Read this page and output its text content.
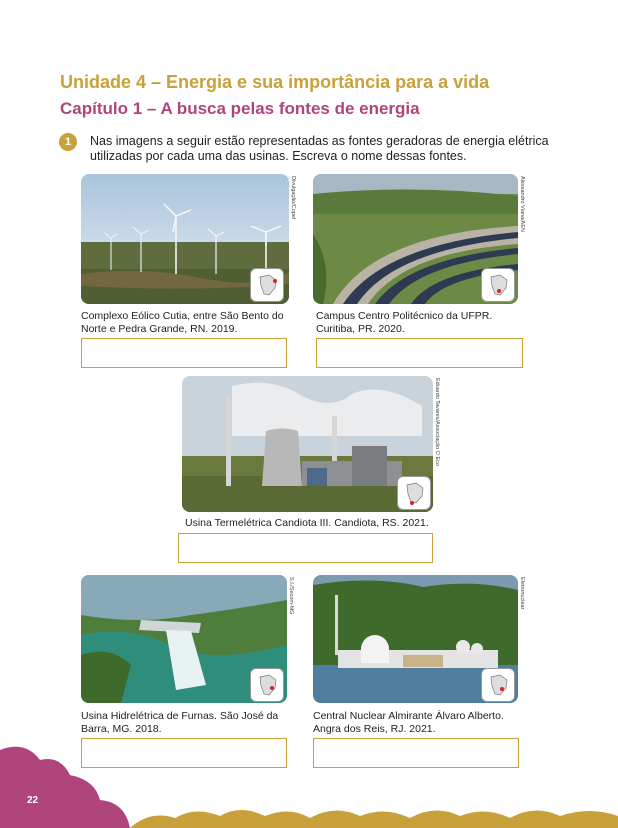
Unidade 4 – Energia e sua importância para a vida
Capítulo 1 – A busca pelas fontes de energia
1	Nas imagens a seguir estão representadas as fontes geradoras de energia elétrica utilizadas por cada uma das usinas. Escreva o nome dessas fontes.

Divulgação/Copel

Complexo Eólico Cutia, entre São Bento do Norte e Pedra Grande, RN. 2019.

Alessandro Viana/AEN

Campus Centro Politécnico da UFPR. Curitiba, PR. 2020.

Eduardo Tavares/Associação O Eco

Usina Termelétrica Candiota III. Candiota, RS. 2021.

S.I./Secom-MG

Usina Hidrelétrica de Furnas. São José da Barra, MG. 2018.

Eletronuclear

Central Nuclear Almirante Álvaro Alberto. Angra dos Reis, RJ. 2021.

22
